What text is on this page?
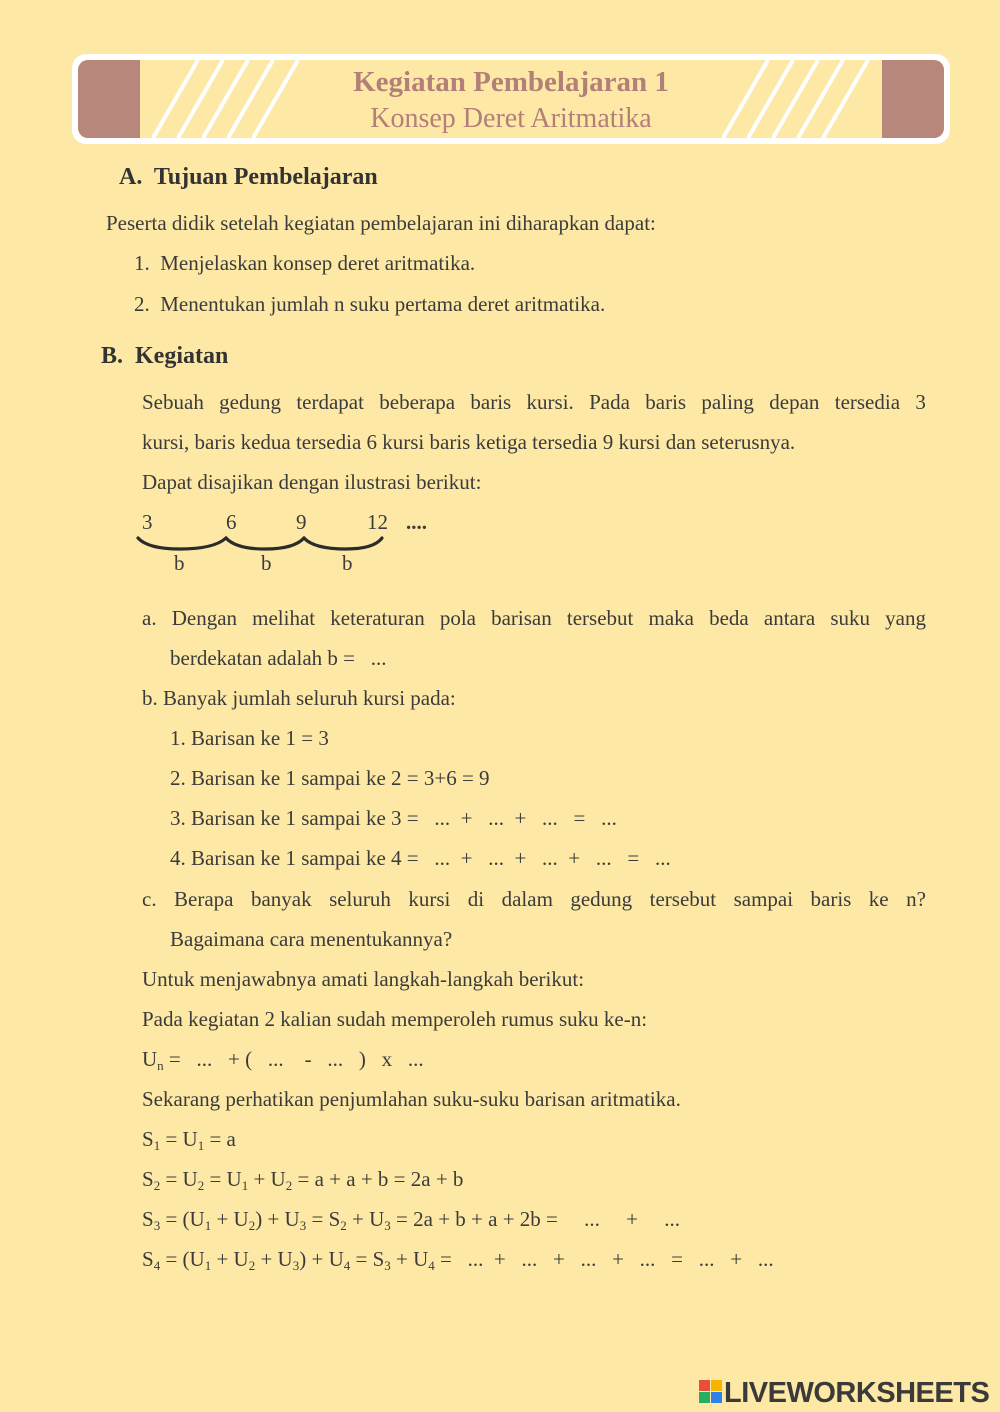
Kegiatan Pembelajaran 1
Konsep Deret Aritmatika
A. Tujuan Pembelajaran
Peserta didik setelah kegiatan pembelajaran ini diharapkan dapat:
1. Menjelaskan konsep deret aritmatika.
2. Menentukan jumlah n suku pertama deret aritmatika.
B. Kegiatan
Sebuah gedung terdapat beberapa baris kursi. Pada baris paling depan tersedia 3
kursi, baris kedua tersedia 6 kursi baris ketiga tersedia 9 kursi dan seterusnya.
Dapat disajikan dengan ilustrasi berikut:
3	6	9	12 ....
b	b	b
a. Dengan melihat keteraturan pola barisan tersebut maka beda antara suku yang
berdekatan adalah b =   ...
b. Banyak jumlah seluruh kursi pada:
1. Barisan ke 1 = 3
2. Barisan ke 1 sampai ke 2 = 3+6 = 9
3. Barisan ke 1 sampai ke 3 =   ...  +   ...  +   ...   =   ...
4. Barisan ke 1 sampai ke 4 =   ...  +   ...  +   ...  +   ...   =   ...
c. Berapa banyak seluruh kursi di dalam gedung tersebut sampai baris ke n?
Bagaimana cara menentukannya?
Untuk menjawabnya amati langkah-langkah berikut:
Pada kegiatan 2 kalian sudah memperoleh rumus suku ke-n:
$U_n$ =   ...   + (   ...    -   ...   )   x   ...
Sekarang perhatikan penjumlahan suku-suku barisan aritmatika.
$S_1 = U_1 = a$
$S_2 = U_2 = U_1 + U_2 = a + a + b = 2a + b$
$S_3 = (U_1 + U_2) + U_3 = S_2 + U_3 = 2a + b + a + 2b$ =     ...     +     ...
$S_4 = (U_1 + U_2 + U_3) + U_4 = S_3 + U_4$ =   ...  +   ...   +   ...   +   ...   =   ...   +   ...
LIVEWORKSHEETS
